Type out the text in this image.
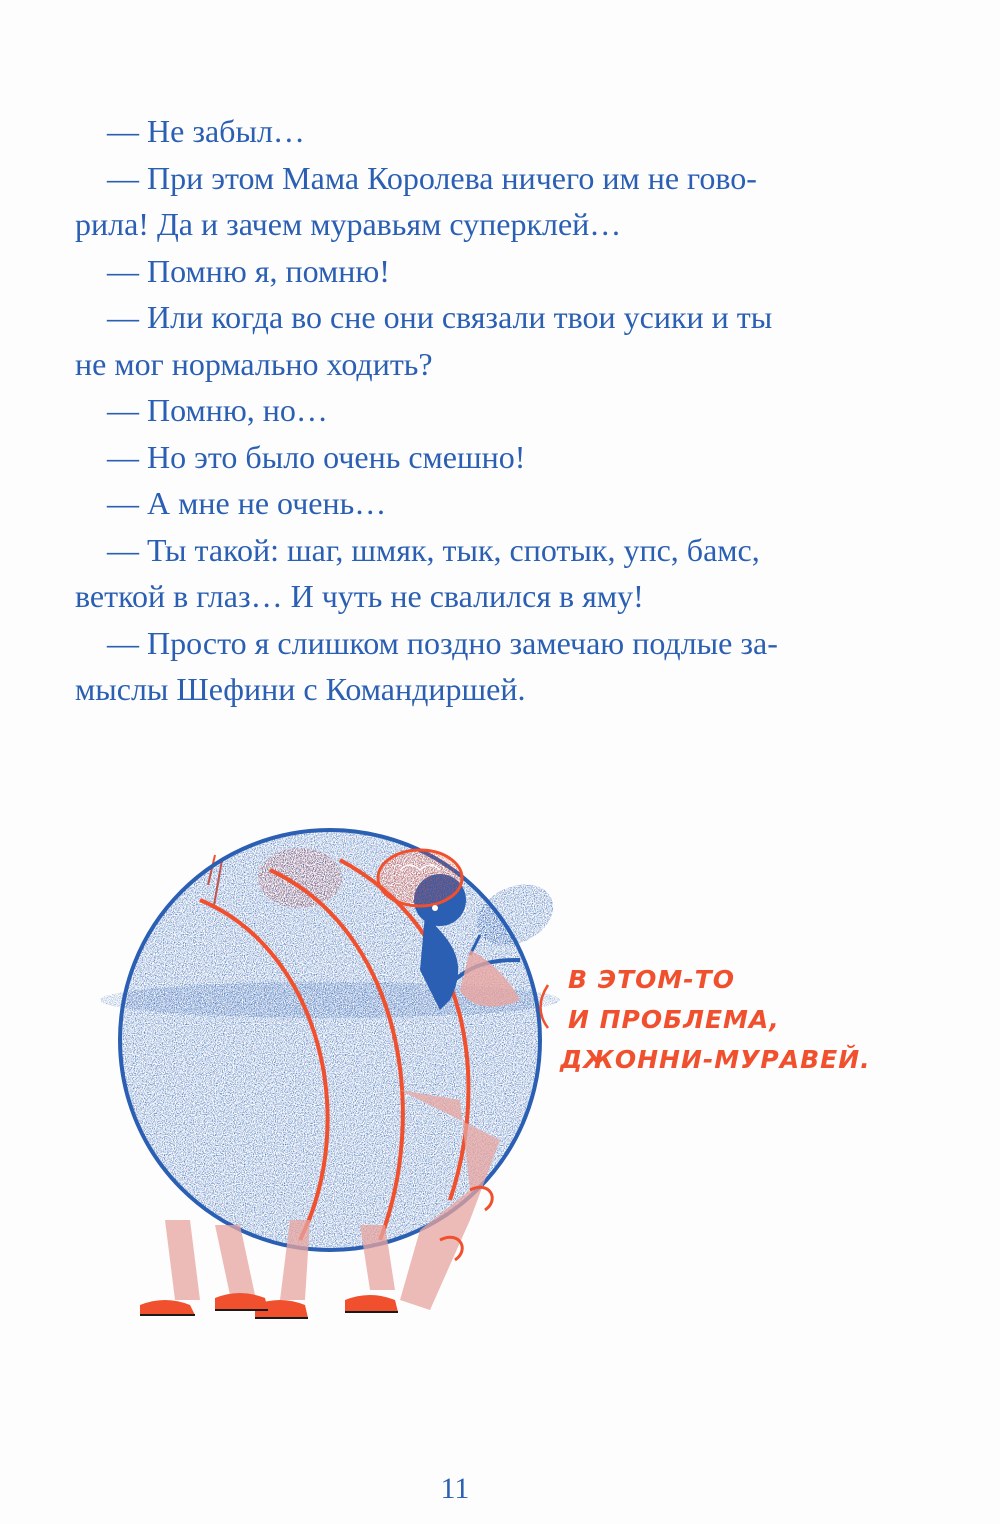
— Не забыл…
— При этом Мама Королева ничего им не гово-
рила! Да и зачем муравьям суперклей…
— Помню я, помню!
— Или когда во сне они связали твои усики и ты
не мог нормально ходить?
— Помню, но…
— Но это было очень смешно!
— А мне не очень…
— Ты такой: шаг, шмяк, тык, спотык, упс, бамс,
веткой в глаз… И чуть не свалился в яму!
— Просто я слишком поздно замечаю подлые за-
мыслы Шефини с Командиршей.
В ЭТОМ-ТО
И ПРОБЛЕМА,
ДЖОННИ-МУРАВЕЙ.
11
